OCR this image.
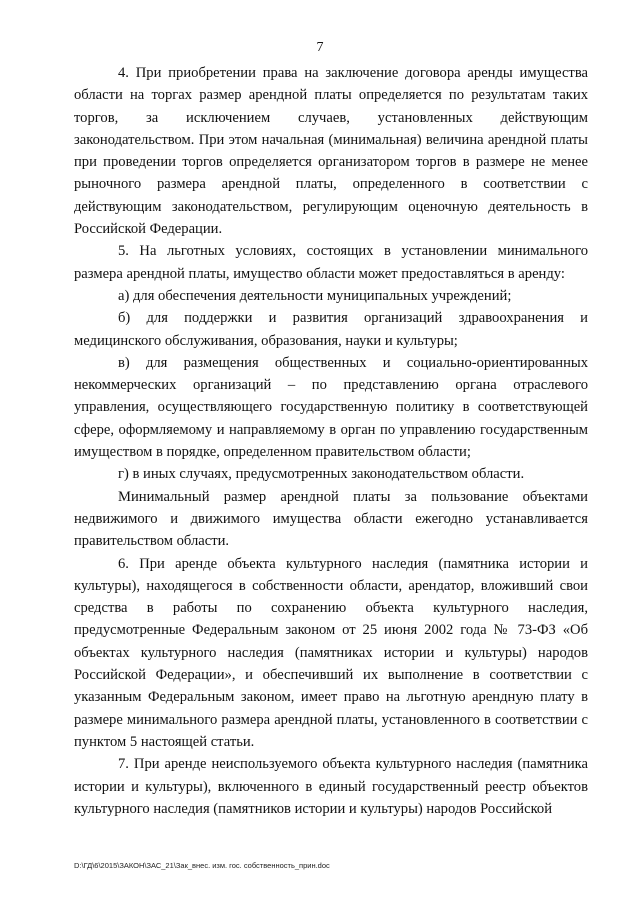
7

4. При приобретении права на заключение договора аренды имущества области на торгах размер арендной платы определяется по результатам таких торгов, за исключением случаев, установленных действующим законодательством. При этом начальная (минимальная) величина арендной платы при проведении торгов определяется организатором торгов в размере не менее рыночного размера арендной платы, определенного в соответствии с действующим законодательством, регулирующим оценочную деятельность в Российской Федерации.

5. На льготных условиях, состоящих в установлении минимального размера арендной платы, имущество области может предоставляться в аренду:

а) для обеспечения деятельности муниципальных учреждений;

б) для поддержки и развития организаций здравоохранения и медицинского обслуживания, образования, науки и культуры;

в) для размещения общественных и социально-ориентированных некоммерческих организаций – по представлению органа отраслевого управления, осуществляющего государственную политику в соответствующей сфере, оформляемому и направляемому в орган по управлению государственным имуществом в порядке, определенном правительством области;

г) в иных случаях, предусмотренных законодательством области.

Минимальный размер арендной платы за пользование объектами недвижимого и движимого имущества области ежегодно устанавливается правительством области.

6. При аренде объекта культурного наследия (памятника истории и культуры), находящегося в собственности области, арендатор, вложивший свои средства в работы по сохранению объекта культурного наследия, предусмотренные Федеральным законом от 25 июня 2002 года № 73-ФЗ «Об объектах культурного наследия (памятниках истории и культуры) народов Российской Федерации», и обеспечивший их выполнение в соответствии с указанным Федеральным законом, имеет право на льготную арендную плату в размере минимального размера арендной платы, установленного в соответствии с пунктом 5 настоящей статьи.

7. При аренде неиспользуемого объекта культурного наследия (памятника истории и культуры), включенного в единый государственный реестр объектов культурного наследия (памятников истории и культуры) народов Российской

D:\ГД\6\2015\ЗАКОН\ЗАС_21\Зак_внес. изм. гос. собственность_прин.doc
